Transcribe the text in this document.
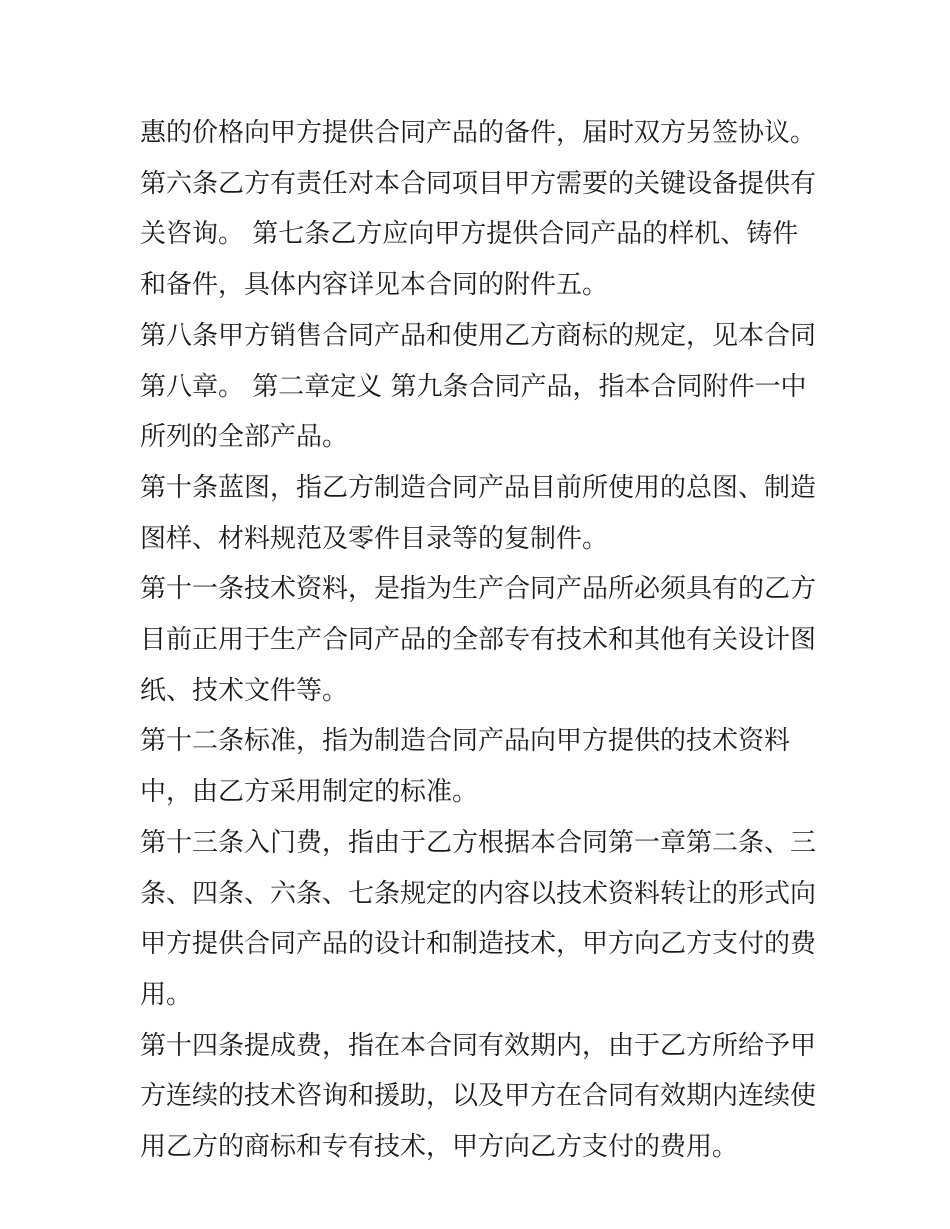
惠的价格向甲方提供合同产品的备件，届时双方另签协议。

第六条乙方有责任对本合同项目甲方需要的关键设备提供有关咨询。 第七条乙方应向甲方提供合同产品的样机、铸件和备件，具体内容详见本合同的附件五。

第八条甲方销售合同产品和使用乙方商标的规定，见本合同第八章。 第二章定义 第九条合同产品，指本合同附件一中所列的全部产品。

第十条蓝图，指乙方制造合同产品目前所使用的总图、制造图样、材料规范及零件目录等的复制件。

第十一条技术资料，是指为生产合同产品所必须具有的乙方目前正用于生产合同产品的全部专有技术和其他有关设计图纸、技术文件等。

第十二条标准，指为制造合同产品向甲方提供的技术资料中，由乙方采用制定的标准。

第十三条入门费，指由于乙方根据本合同第一章第二条、三条、四条、六条、七条规定的内容以技术资料转让的形式向甲方提供合同产品的设计和制造技术，甲方向乙方支付的费用。

第十四条提成费，指在本合同有效期内，由于乙方所给予甲方连续的技术咨询和援助，以及甲方在合同有效期内连续使用乙方的商标和专有技术，甲方向乙方支付的费用。
